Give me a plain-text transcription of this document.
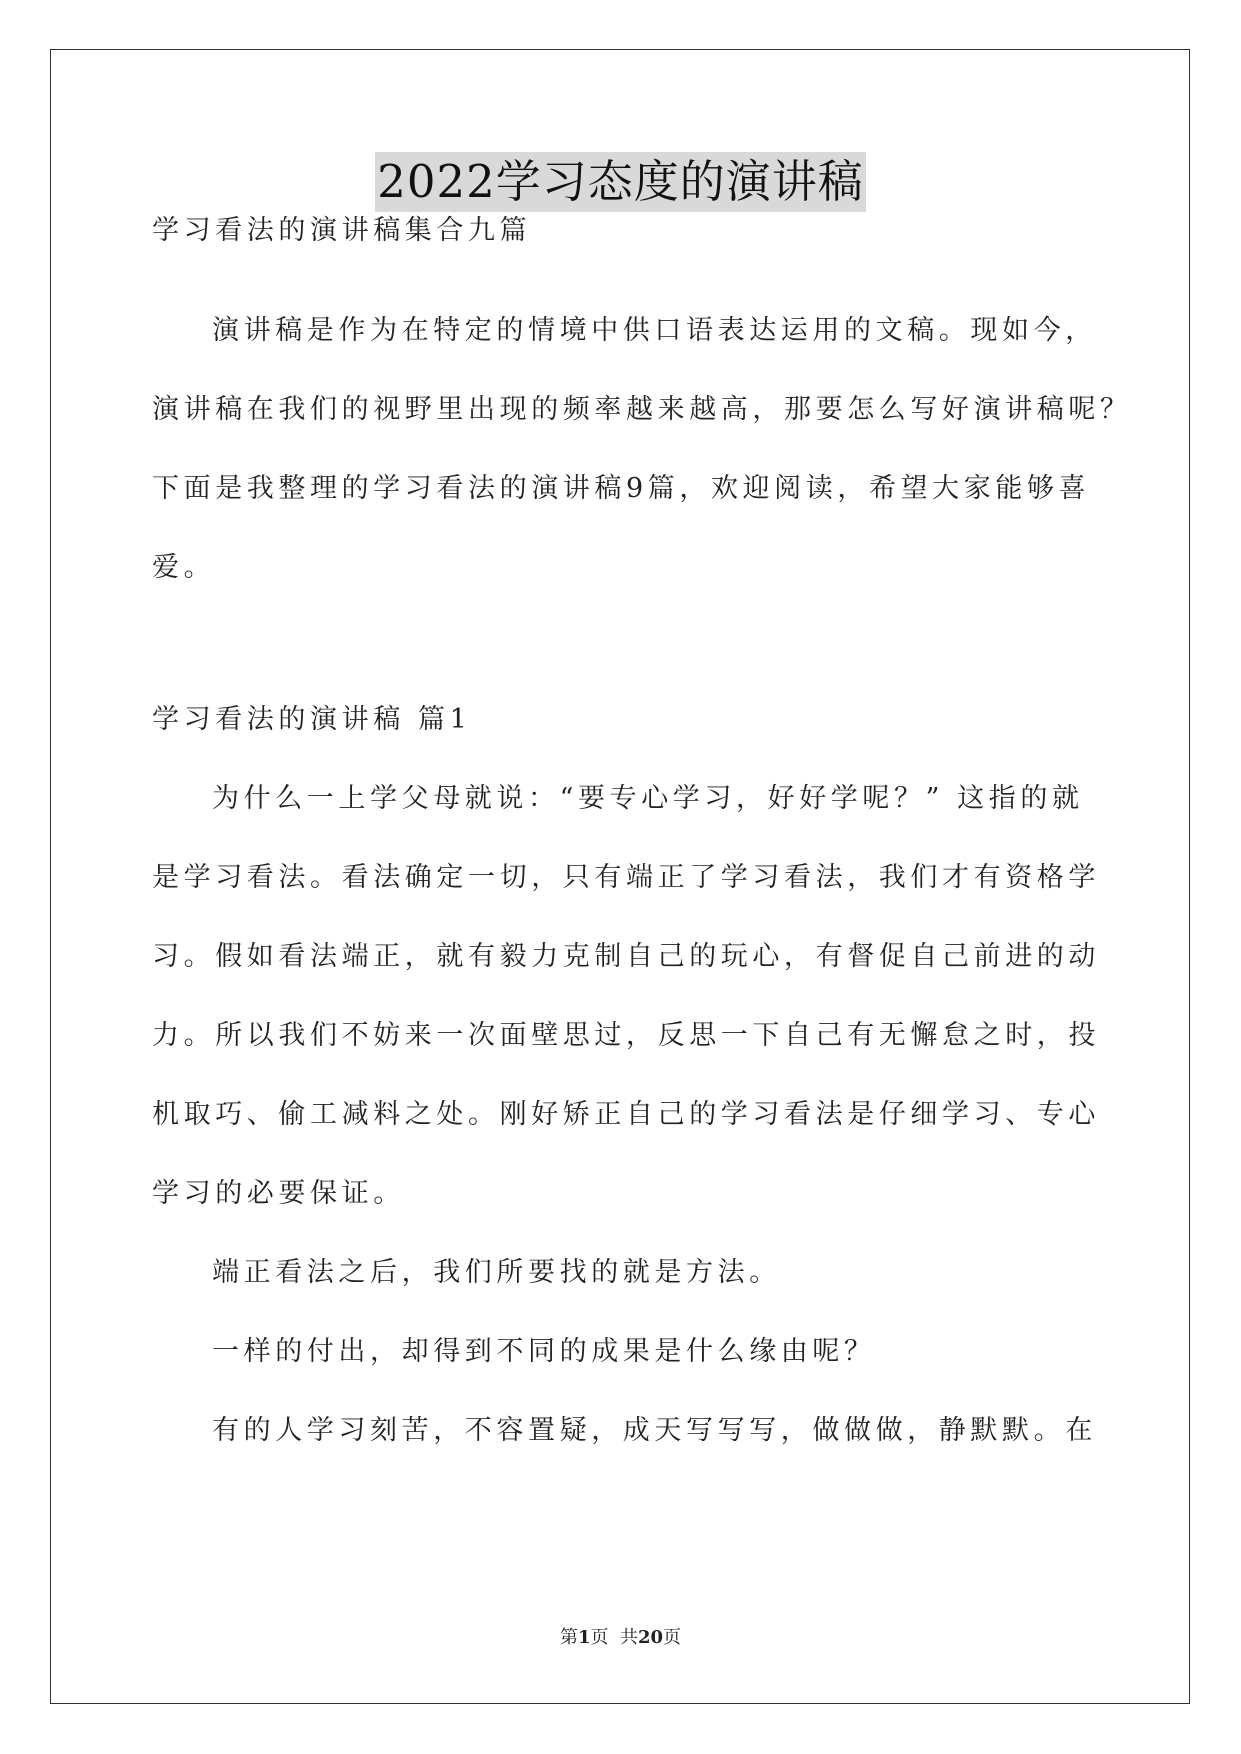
2022学习态度的演讲稿
学习看法的演讲稿集合九篇
演讲稿是作为在特定的情境中供口语表达运用的文稿。现如今，
演讲稿在我们的视野里出现的频率越来越高，那要怎么写好演讲稿呢？
下面是我整理的学习看法的演讲稿9篇，欢迎阅读，希望大家能够喜
爱。
学习看法的演讲稿 篇1
为什么一上学父母就说：“要专心学习，好好学呢？” 这指的就
是学习看法。看法确定一切，只有端正了学习看法，我们才有资格学
习。假如看法端正，就有毅力克制自己的玩心，有督促自己前进的动
力。所以我们不妨来一次面壁思过，反思一下自己有无懈怠之时，投
机取巧、偷工减料之处。刚好矫正自己的学习看法是仔细学习、专心
学习的必要保证。
端正看法之后，我们所要找的就是方法。
一样的付出，却得到不同的成果是什么缘由呢？
有的人学习刻苦，不容置疑，成天写写写，做做做，静默默。在
第1页  共20页
